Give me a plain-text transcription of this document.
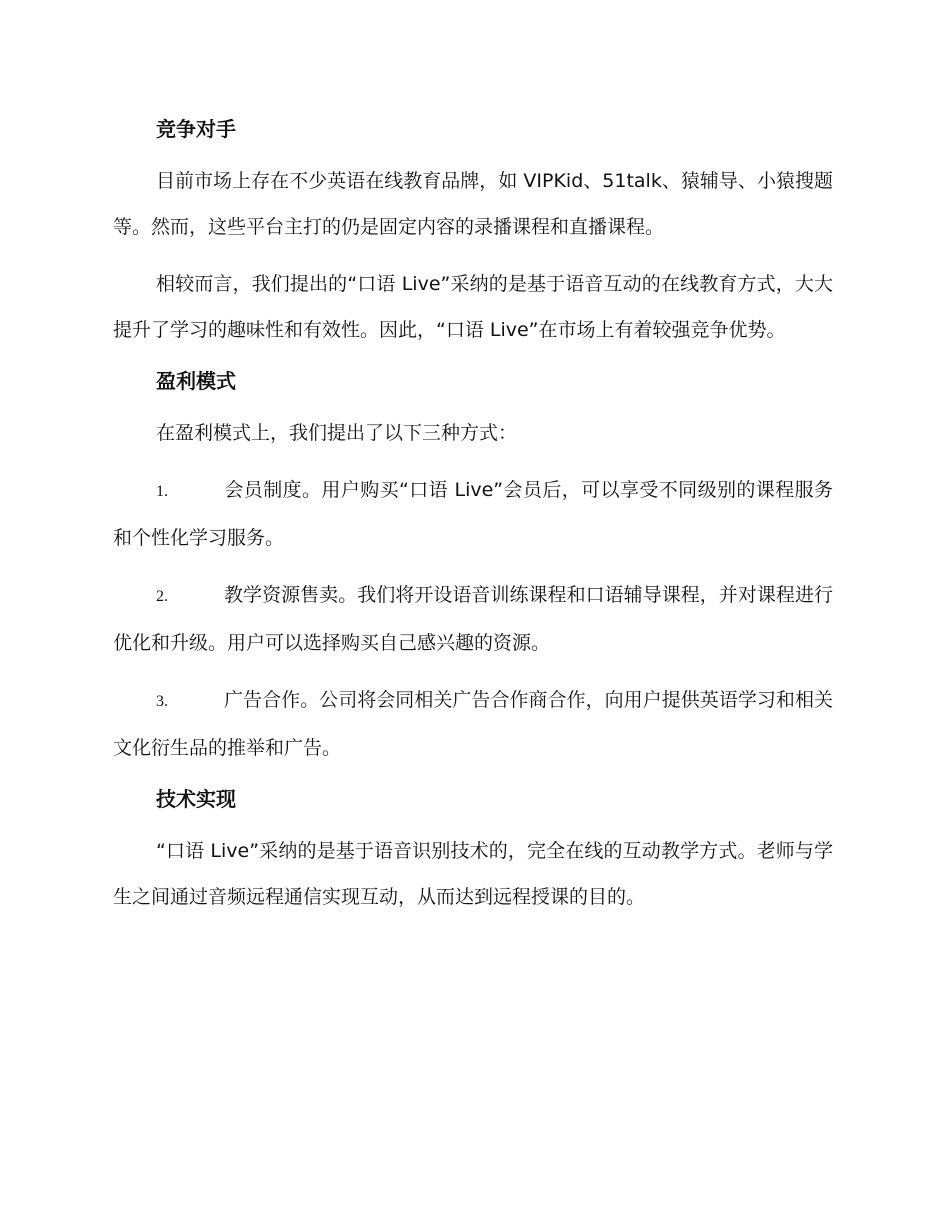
竞争对手

目前市场上存在不少英语在线教育品牌，如 VIPKid、51talk、猿辅导、小猿搜题等。然而，这些平台主打的仍是固定内容的录播课程和直播课程。

相较而言，我们提出的“口语 Live”采纳的是基于语音互动的在线教育方式，大大提升了学习的趣味性和有效性。因此，“口语 Live”在市场上有着较强竞争优势。

盈利模式

在盈利模式上，我们提出了以下三种方式：

1.	会员制度。用户购买“口语 Live”会员后，可以享受不同级别的课程服务和个性化学习服务。

2.	教学资源售卖。我们将开设语音训练课程和口语辅导课程，并对课程进行优化和升级。用户可以选择购买自己感兴趣的资源。

3.	广告合作。公司将会同相关广告合作商合作，向用户提供英语学习和相关文化衍生品的推举和广告。

技术实现

“口语 Live”采纳的是基于语音识别技术的，完全在线的互动教学方式。老师与学生之间通过音频远程通信实现互动，从而达到远程授课的目的。
